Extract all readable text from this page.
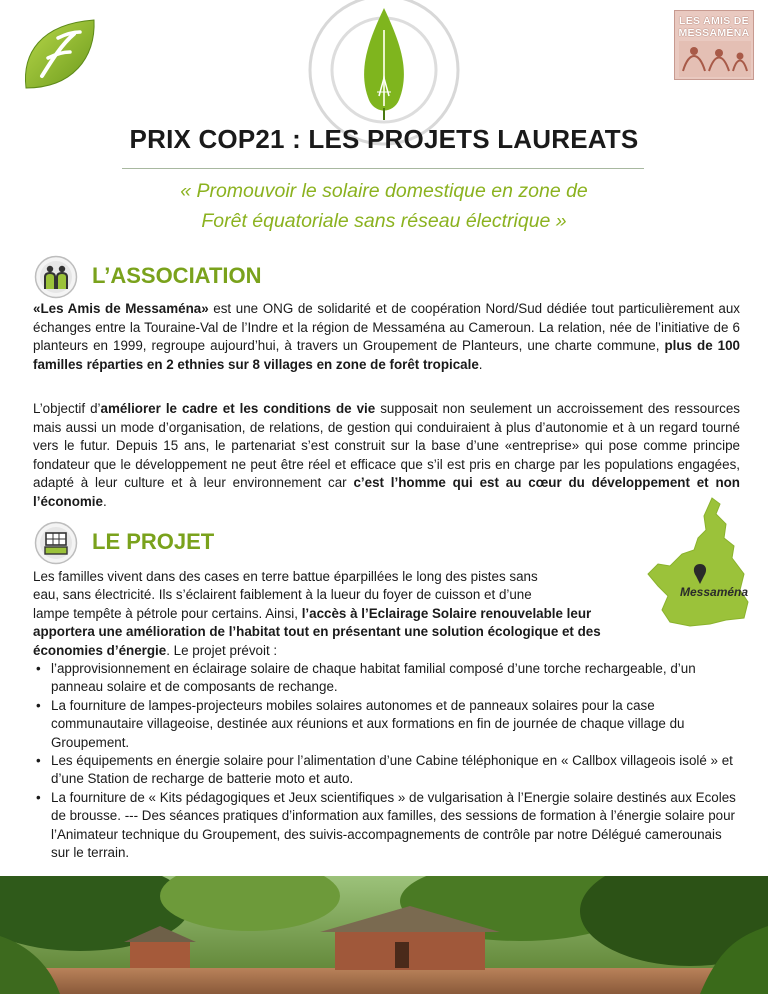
LES AMIS DE MESSAMÉNA
PRIX COP21 : LES PROJETS LAUREATS
« Promouvoir le solaire domestique en zone de
Forêt équatoriale sans réseau électrique »
L’ASSOCIATION
«Les Amis de Messaména» est une ONG de solidarité et de coopération Nord/Sud dédiée tout particulièrement aux échanges entre la Touraine-Val de l’Indre et la région de Messaména au Cameroun. La relation, née de l’initiative de 6 planteurs en 1999, regroupe aujourd’hui, à travers un Groupement de Planteurs, une charte commune, plus de 100 familles réparties en 2 ethnies sur 8 villages en zone de forêt tropicale.
L’objectif d’améliorer le cadre et les conditions de vie supposait non seulement un accroissement des ressources mais aussi un mode d’organisation, de relations, de gestion qui conduiraient à plus d’autonomie et à un regard tourné vers le futur. Depuis 15 ans, le partenariat s’est construit sur la base d’une «entreprise» qui pose comme principe fondateur que le développement ne peut être réel et efficace que s’il est pris en charge par les populations engagées, adapté à leur culture et à leur environnement car c’est l’homme qui est au cœur du développement et non l’économie.
LE PROJET
Messaména
Les familles vivent dans des cases en terre battue éparpillées le long des pistes sans
eau, sans électricité. Ils s’éclairent faiblement à la lueur du foyer de cuisson et d’une
lampe tempête à pétrole pour certains. Ainsi, l’accès à l’Eclairage Solaire renouvelable leur
apportera une amélioration de l’habitat tout en présentant une solution écologique et des
économies d’énergie. Le projet prévoit :
• l’approvisionnement en éclairage solaire de chaque habitat familial composé d’une torche rechargeable, d’un panneau solaire et de composants de rechange.
• La fourniture de lampes-projecteurs mobiles solaires autonomes et de panneaux solaires pour la case communautaire villageoise, destinée aux réunions et aux formations en fin de journée de chaque village du Groupement.
• Les équipements en énergie solaire pour l’alimentation d’une Cabine téléphonique en « Callbox villageois isolé » et d’une Station de recharge de batterie moto et auto.
• La fourniture de « Kits pédagogiques et Jeux scientifiques » de vulgarisation à l’Energie solaire destinés aux Ecoles de brousse. --- Des séances pratiques d’information aux familles, des sessions de formation à l’énergie solaire pour l’Animateur technique du Groupement, des suivis-accompagnements de contrôle par notre Délégué camerounais sur le terrain.
